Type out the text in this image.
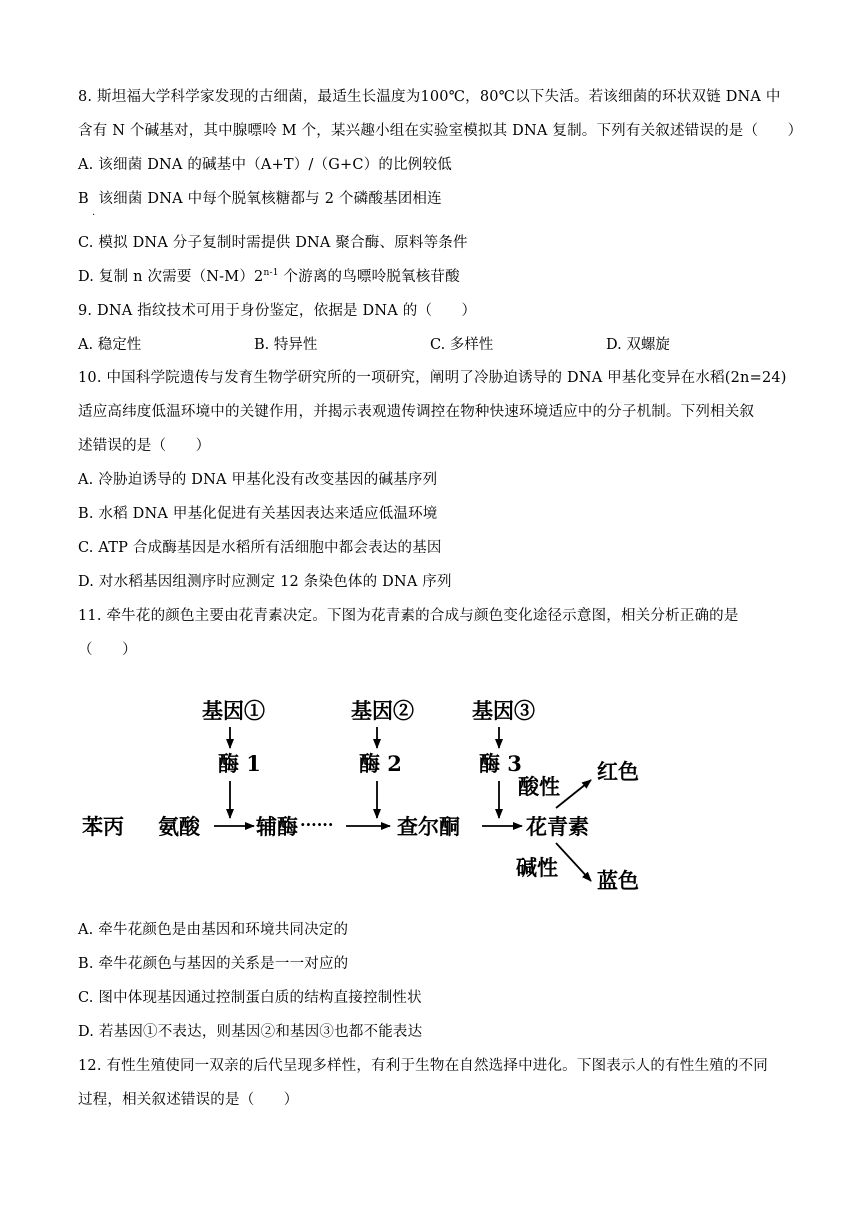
8. 斯坦福大学科学家发现的古细菌，最适生长温度为100℃，80℃以下失活。若该细菌的环状双链 DNA 中
含有 N 个碱基对，其中腺嘌呤 M 个，某兴趣小组在实验室模拟其 DNA 复制。下列有关叙述错误的是（　　）
A. 该细菌 DNA 的碱基中（A+T）/（G+C）的比例较低
B 该细菌 DNA 中每个脱氧核糖都与 2 个磷酸基团相连
.
C. 模拟 DNA 分子复制时需提供 DNA 聚合酶、原料等条件
D. 复制 n 次需要（N-M）2$^{n-1}$ 个游离的鸟嘌呤脱氧核苷酸
9. DNA 指纹技术可用于身份鉴定，依据是 DNA 的（　　）
A. 稳定性	B. 特异性	C. 多样性	D. 双螺旋
10. 中国科学院遗传与发育生物学研究所的一项研究，阐明了冷胁迫诱导的 DNA 甲基化变异在水稻(2n=24)
适应高纬度低温环境中的关键作用，并揭示表观遗传调控在物种快速环境适应中的分子机制。下列相关叙
述错误的是（　　）
A. 冷胁迫诱导的 DNA 甲基化没有改变基因的碱基序列
B. 水稻 DNA 甲基化促进有关基因表达来适应低温环境
C. ATP 合成酶基因是水稻所有活细胞中都会表达的基因
D. 对水稻基因组测序时应测定 12 条染色体的 DNA 序列
11. 牵牛花的颜色主要由花青素决定。下图为花青素的合成与颜色变化途径示意图，相关分析正确的是
（　　）
基因①	基因②	基因③
酶 1	酶 2	酶 3
苯丙 氨酸	辅酶 ······	查尔酮	花青素
酸性
红色
碱性
蓝色
A. 牵牛花颜色是由基因和环境共同决定的
B. 牵牛花颜色与基因的关系是一一对应的
C. 图中体现基因通过控制蛋白质的结构直接控制性状
D. 若基因①不表达，则基因②和基因③也都不能表达
12. 有性生殖使同一双亲的后代呈现多样性，有利于生物在自然选择中进化。下图表示人的有性生殖的不同
过程，相关叙述错误的是（　　）
